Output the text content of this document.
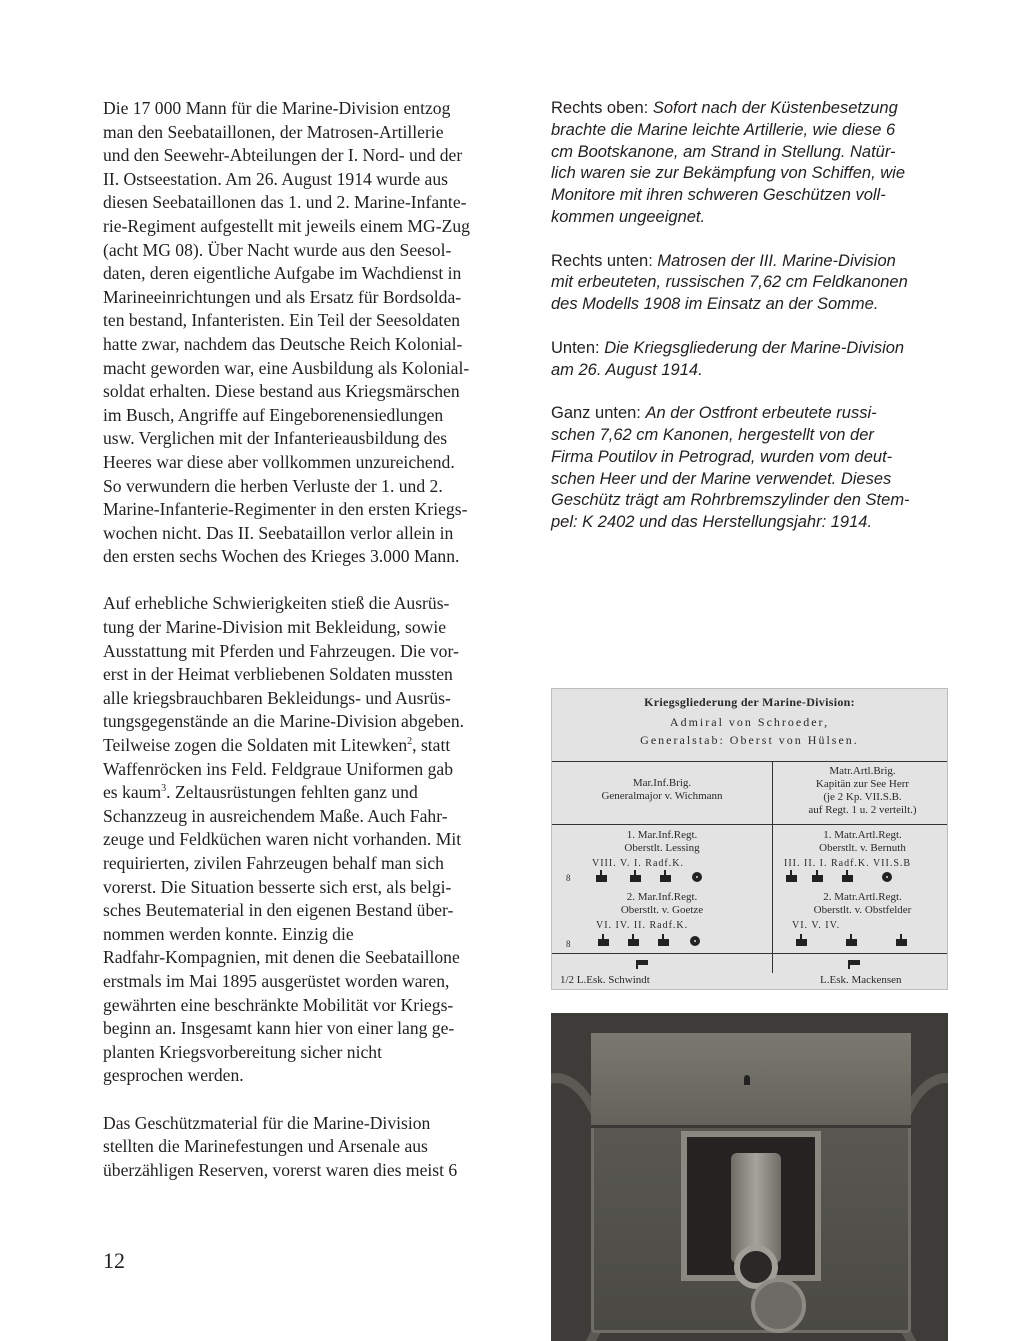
Die 17 000 Mann für die Marine-Division entzog
man den Seebataillonen, der Matrosen-Artillerie
und den Seewehr-Abteilungen der I. Nord- und der
II. Ostseestation. Am 26. August 1914 wurde aus
diesen Seebataillonen das 1. und 2. Marine-Infante-
rie-Regiment aufgestellt mit jeweils einem MG-Zug
(acht MG 08). Über Nacht wurde aus den Seesol-
daten, deren eigentliche Aufgabe im Wachdienst in
Marineeinrichtungen und als Ersatz für Bordsolda-
ten bestand, Infanteristen. Ein Teil der Seesoldaten
hatte zwar, nachdem das Deutsche Reich Kolonial-
macht geworden war, eine Ausbildung als Kolonial-
soldat erhalten. Diese bestand aus Kriegsmärschen
im Busch, Angriffe auf Eingeborenensiedlungen
usw. Verglichen mit der Infanterieausbildung des
Heeres war diese aber vollkommen unzureichend.
So verwundern die herben Verluste der 1. und 2.
Marine-Infanterie-Regimenter in den ersten Kriegs-
wochen nicht. Das II. Seebataillon verlor allein in
den ersten sechs Wochen des Krieges 3.000 Mann.

Auf erhebliche Schwierigkeiten stieß die Ausrüs-
tung der Marine-Division mit Bekleidung, sowie
Ausstattung mit Pferden und Fahrzeugen. Die vor-
erst in der Heimat verbliebenen Soldaten mussten
alle kriegsbrauchbaren Bekleidungs- und Ausrüs-
tungsgegenstände an die Marine-Division abgeben.
Teilweise zogen die Soldaten mit Litewken$^2$, statt
Waffenröcken ins Feld. Feldgraue Uniformen gab
es kaum$^3$. Zeltausrüstungen fehlten ganz und
Schanzzeug in ausreichendem Maße. Auch Fahr-
zeuge und Feldküchen waren nicht vorhanden. Mit
requirierten, zivilen Fahrzeugen behalf man sich
vorerst. Die Situation besserte sich erst, als belgi-
sches Beutematerial in den eigenen Bestand über-
nommen werden konnte. Einzig die
Radfahr-Kompagnien, mit denen die Seebataillone
erstmals im Mai 1895 ausgerüstet worden waren,
gewährten eine beschränkte Mobilität vor Kriegs-
beginn an. Insgesamt kann hier von einer lang ge-
planten Kriegsvorbereitung sicher nicht
gesprochen werden.

Das Geschützmaterial für die Marine-Division
stellten die Marinefestungen und Arsenale aus
überzähligen Reserven, vorerst waren dies meist 6

12
Rechts oben: Sofort nach der Küstenbesetzung
brachte die Marine leichte Artillerie, wie diese 6
cm Bootskanone, am Strand in Stellung. Natür-
lich waren sie zur Bekämpfung von Schiffen, wie
Monitore mit ihren schweren Geschützen voll-
kommen ungeeignet.
Rechts unten: Matrosen der III. Marine-Division
mit erbeuteten, russischen 7,62 cm Feldkanonen
des Modells 1908 im Einsatz an der Somme.
Unten: Die Kriegsgliederung der Marine-Division
am 26. August 1914.
Ganz unten: An der Ostfront erbeutete russi-
schen 7,62 cm Kanonen, hergestellt von der
Firma Poutilov in Petrograd, wurden vom deut-
schen Heer und der Marine verwendet. Dieses
Geschütz trägt am Rohrbremszylinder den Stem-
pel: K 2402 und das Herstellungsjahr: 1914.
Kriegsgliederung der Marine-Division:
Admiral von Schroeder,
Generalstab: Oberst von Hülsen.
Mar.Inf.Brig.
Generalmajor v. Wichmann
Matr.Artl.Brig.
Kapitän zur See Herr
(je 2 Kp. VII.S.B.
auf Regt. 1 u. 2 verteilt.)
1. Mar.Inf.Regt.
Oberstlt. Lessing
VIII. V. I. Radf.K.
8
1. Matr.Artl.Regt.
Oberstlt. v. Bernuth
III. II. I. Radf.K. VII.S.B
2. Mar.Inf.Regt.
Oberstlt. v. Goetze
VI. IV. II. Radf.K.
8
2. Matr.Artl.Regt.
Oberstlt. v. Obstfelder
VI. V. IV.
1/2 L.Esk. Schwindt	L.Esk. Mackensen
